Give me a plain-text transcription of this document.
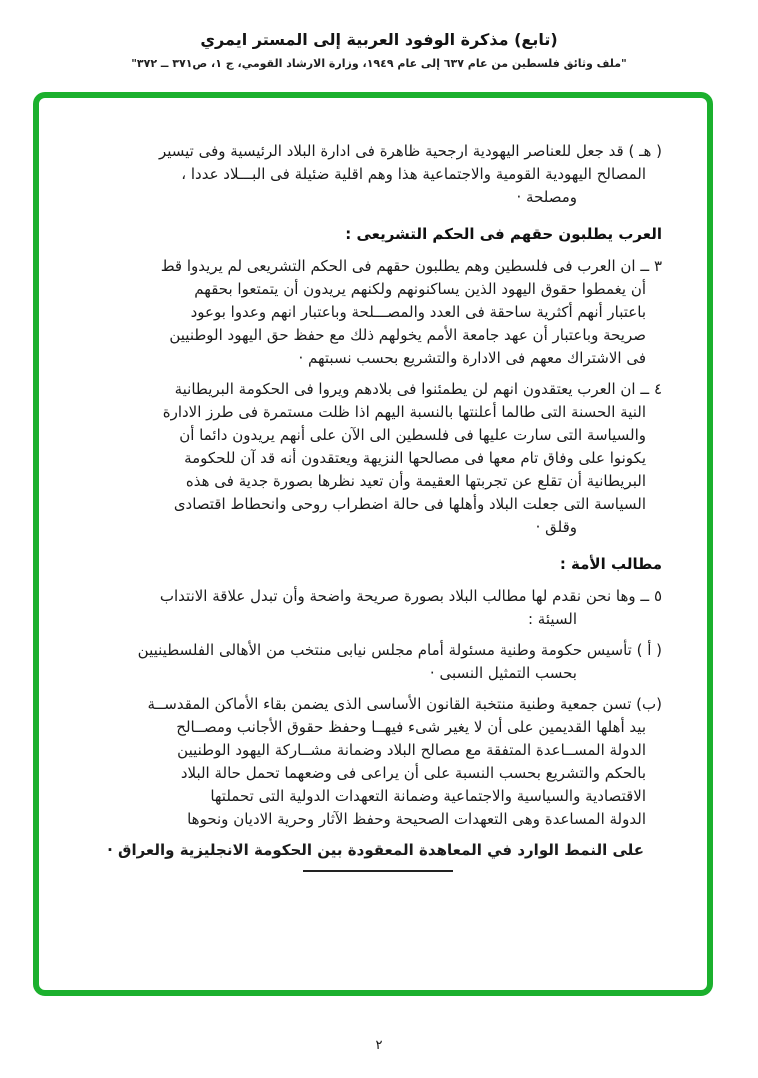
(تابع) مذكرة الوفود العربية إلى المستر ايمري
"ملف وثائق فلسطين من عام ٦٣٧ إلى عام ١٩٤٩، وزارة الارشاد القومي، ج ١، ص٣٧١ ــ ٣٧٢"
( هـ ) قد جعل للعناصر اليهودية ارجحية ظاهرة فى ادارة البلاد الرئيسية وفى تيسير
المصالح اليهودية القومية والاجتماعية هذا وهم اقلية ضئيلة فى البـــلاد عددا ،
ومصلحة ·
العرب يطلبون حقهم فى الحكم التشريعى :
٣ ــ ان العرب فى فلسطين وهم يطلبون حقهم فى الحكم التشريعى لم يريدوا قط
أن يغمطوا حقوق اليهود الذين يساكنونهم ولكنهم يريدون أن يتمتعوا بحقهم
باعتبار أنهم أكثرية ساحقة فى العدد والمصـــلحة وباعتبار انهم وعدوا بوعود
صريحة وباعتبار أن عهد جامعة الأمم يخولهم ذلك مع حفظ حق اليهود الوطنيين
فى الاشتراك معهم فى الادارة والتشريع بحسب نسبتهم ·
٤ ــ ان العرب يعتقدون انهم لن يطمئنوا فى بلادهم ويروا فى الحكومة البريطانية
النية الحسنة التى طالما أعلنتها بالنسبة اليهم اذا ظلت مستمرة فى طرز الادارة
والسياسة التى سارت عليها فى فلسطين الى الآن على أنهم يريدون دائما أن
يكونوا على وفاق تام معها فى مصالحها النزيهة ويعتقدون أنه قد آن للحكومة
البريطانية أن تقلع عن تجربتها العقيمة وأن تعيد نظرها بصورة جدية فى هذه
السياسة التى جعلت البلاد وأهلها فى حالة اضطراب روحى وانحطاط اقتصادى
وقلق ·
مطالب الأمة :
٥ ــ وها نحن نقدم لها مطالب البلاد بصورة صريحة واضحة وأن تبدل علاقة الانتداب
السيئة :
( أ ) تأسيس حكومة وطنية مسئولة أمام مجلس نيابى منتخب من الأهالى الفلسطينيين
بحسب التمثيل النسبى ·
(ب) تسن جمعية وطنية منتخبة القانون الأساسى الذى يضمن بقاء الأماكن المقدســة
بيد أهلها القديمين على أن لا يغير شىء فيهــا وحفظ حقوق الأجانب ومصــالح
الدولة المســاعدة المتفقة مع مصالح البلاد وضمانة مشــاركة اليهود الوطنيين
بالحكم والتشريع بحسب النسبة على أن يراعى فى وضعهما تحمل حالة البلاد
الاقتصادية والسياسية والاجتماعية وضمانة التعهدات الدولية التى تحملتها
الدولة المساعدة وهى التعهدات الصحيحة وحفظ الآثار وحرية الاديان ونحوها
على النمط الوارد في المعاهدة المعقودة بين الحكومة الانجليزية والعراق ·
٢
